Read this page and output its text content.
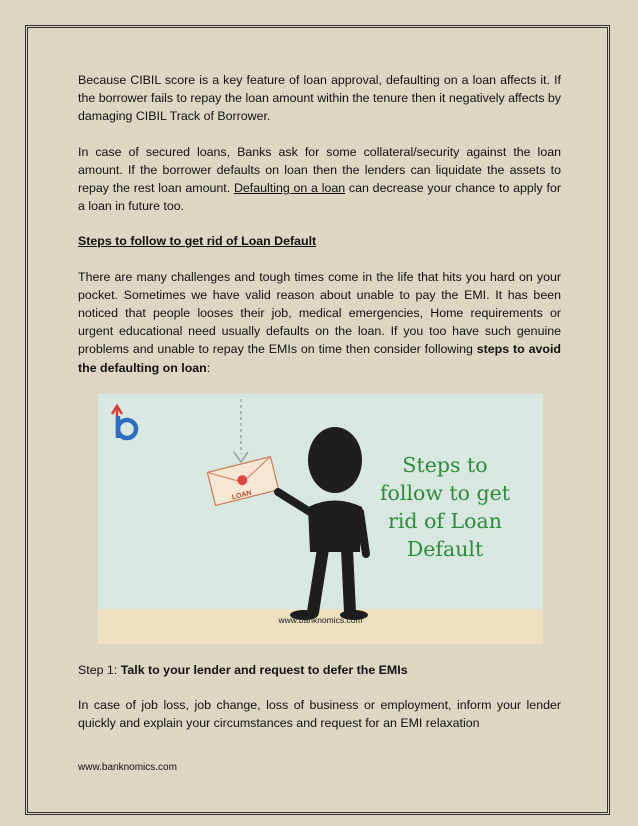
Because CIBIL score is a key feature of loan approval, defaulting on a loan affects it. If the borrower fails to repay the loan amount within the tenure then it negatively affects by damaging CIBIL Track of Borrower.

In case of secured loans, Banks ask for some collateral/security against the loan amount. If the borrower defaults on loan then the lenders can liquidate the assets to repay the rest loan amount. Defaulting on a loan can decrease your chance to apply for a loan in future too.

Steps to follow to get rid of Loan Default

There are many challenges and tough times come in the life that hits you hard on your pocket. Sometimes we have valid reason about unable to pay the EMI. It has been noticed that people looses their job, medical emergencies, Home requirements or urgent educational need usually defaults on the loan. If you too have such genuine problems and unable to repay the EMIs on time then consider following steps to avoid the defaulting on loan:

LOAN
Steps to
follow to get
rid of Loan
Default
www.banknomics.com

Step 1: Talk to your lender and request to defer the EMIs

In case of job loss, job change, loss of business or employment, inform your lender quickly and explain your circumstances and request for an EMI relaxation

www.banknomics.com
